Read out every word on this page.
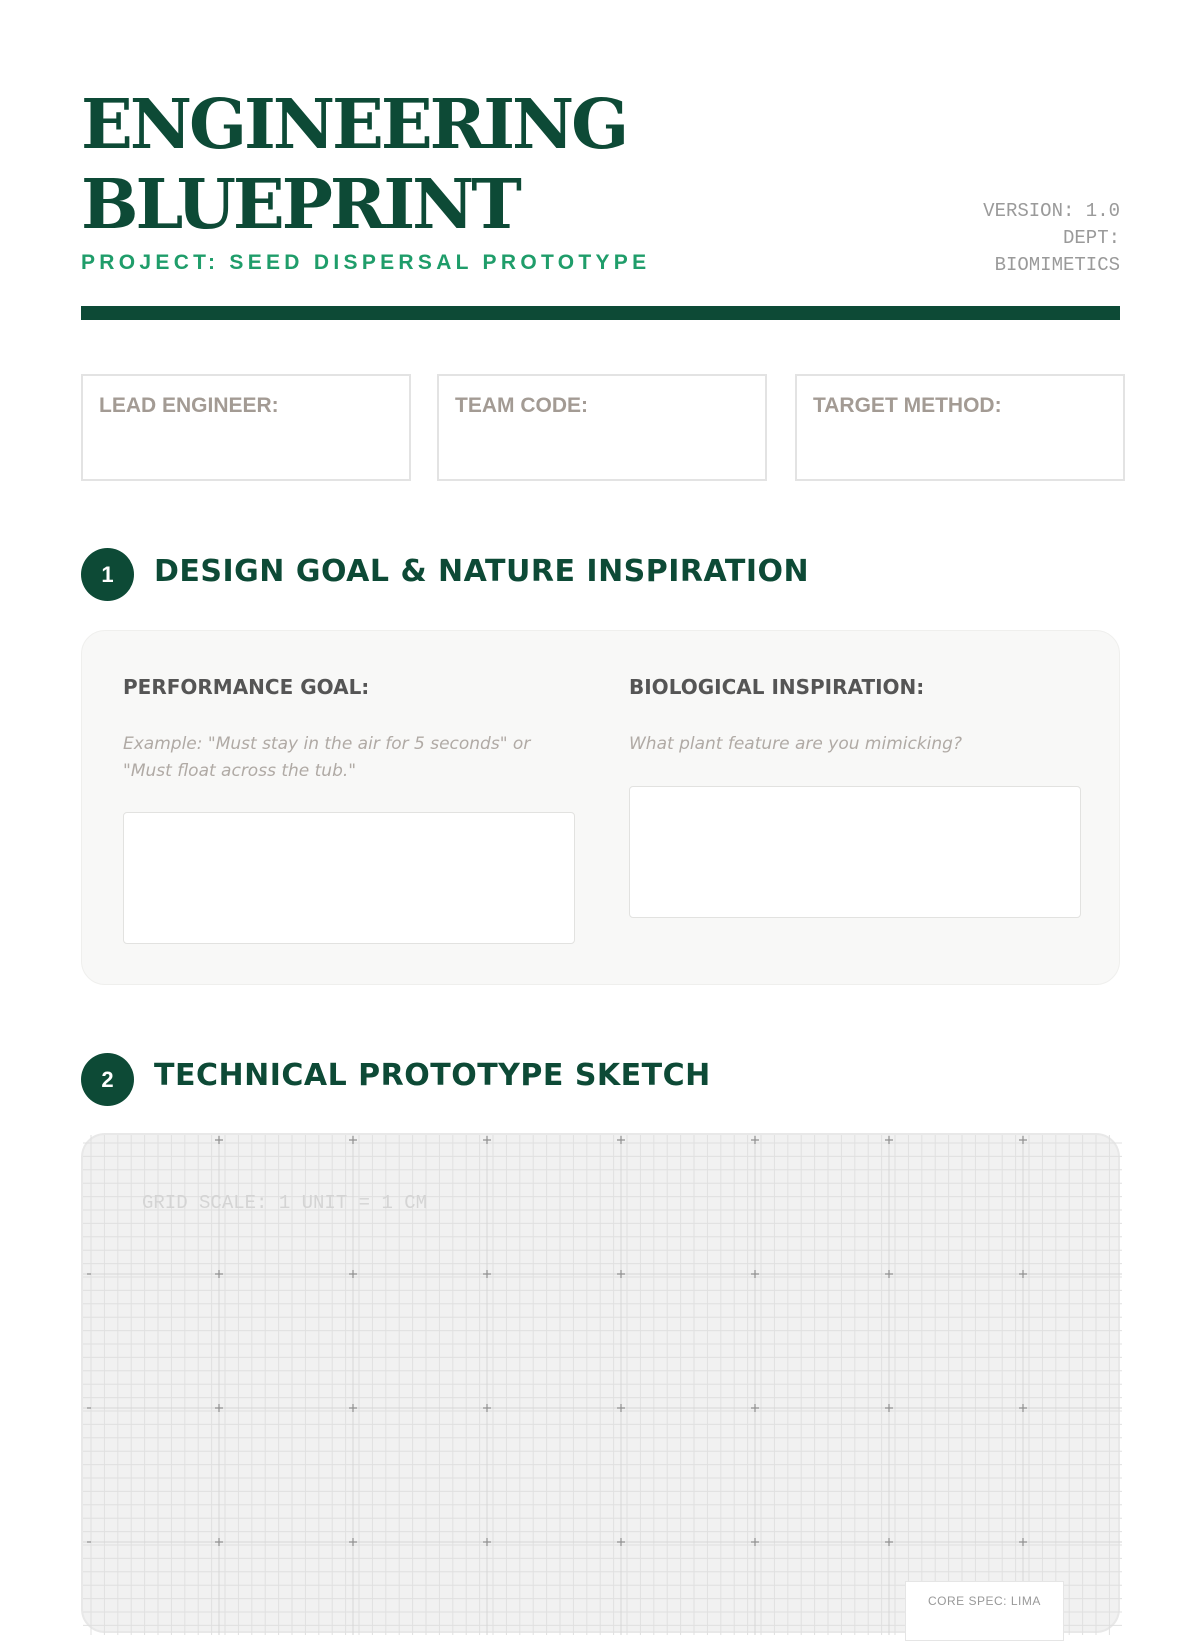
ENGINEERING
BLUEPRINT
PROJECT: SEED DISPERSAL PROTOTYPE
VERSION: 1.0
DEPT:
BIOMIMETICS
LEAD ENGINEER:	TEAM CODE:	TARGET METHOD:
1	DESIGN GOAL & NATURE INSPIRATION
PERFORMANCE GOAL:
Example: "Must stay in the air for 5 seconds" or
"Must float across the tub."
BIOLOGICAL INSPIRATION:
What plant feature are you mimicking?
2	TECHNICAL PROTOTYPE SKETCH
GRID SCALE: 1 UNIT = 1 CM
CORE SPEC: LIMA
